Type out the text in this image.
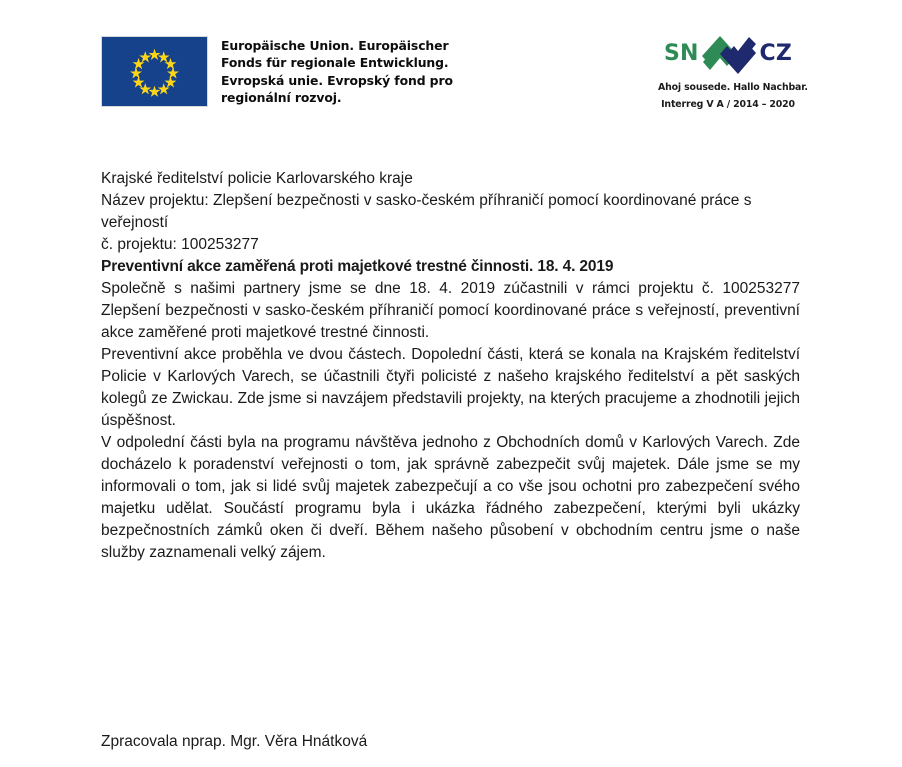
Europäische Union. Europäischer
Fonds für regionale Entwicklung.
Evropská unie. Evropský fond pro
regionální rozvoj.
SN	CZ
Ahoj sousede. Hallo Nachbar.
Interreg V A / 2014 – 2020

Krajské ředitelství policie Karlovarského kraje

Název projektu: Zlepšení bezpečnosti v sasko-českém příhraničí pomocí koordinované práce s veřejností

č. projektu: 100253277

Preventivní akce zaměřená proti majetkové trestné činnosti. 18. 4. 2019

Společně s našimi partnery jsme se dne 18. 4. 2019 zúčastnili v rámci projektu č. 100253277 Zlepšení bezpečnosti v sasko-českém příhraničí pomocí koordinované práce s veřejností, preventivní akce zaměřené proti majetkové trestné činnosti.

Preventivní akce proběhla ve dvou částech. Dopolední části, která se konala na Krajském ředitelství Policie v Karlových Varech, se účastnili čtyři policisté z našeho krajského ředitelství a pět saských kolegů ze Zwickau. Zde jsme si navzájem představili projekty, na kterých pracujeme a zhodnotili jejich úspěšnost.

V odpolední části byla na programu návštěva jednoho z Obchodních domů v Karlových Varech. Zde docházelo k poradenství veřejnosti o tom, jak správně zabezpečit svůj majetek. Dále jsme se my informovali o tom, jak si lidé svůj majetek zabezpečují a co vše jsou ochotni pro zabezpečení svého majetku udělat. Součástí programu byla i ukázka řádného zabezpečení, kterými byli ukázky bezpečnostních zámků oken či dveří. Během našeho působení v obchodním centru jsme o naše služby zaznamenali velký zájem.

Zpracovala nprap. Mgr. Věra Hnátková
